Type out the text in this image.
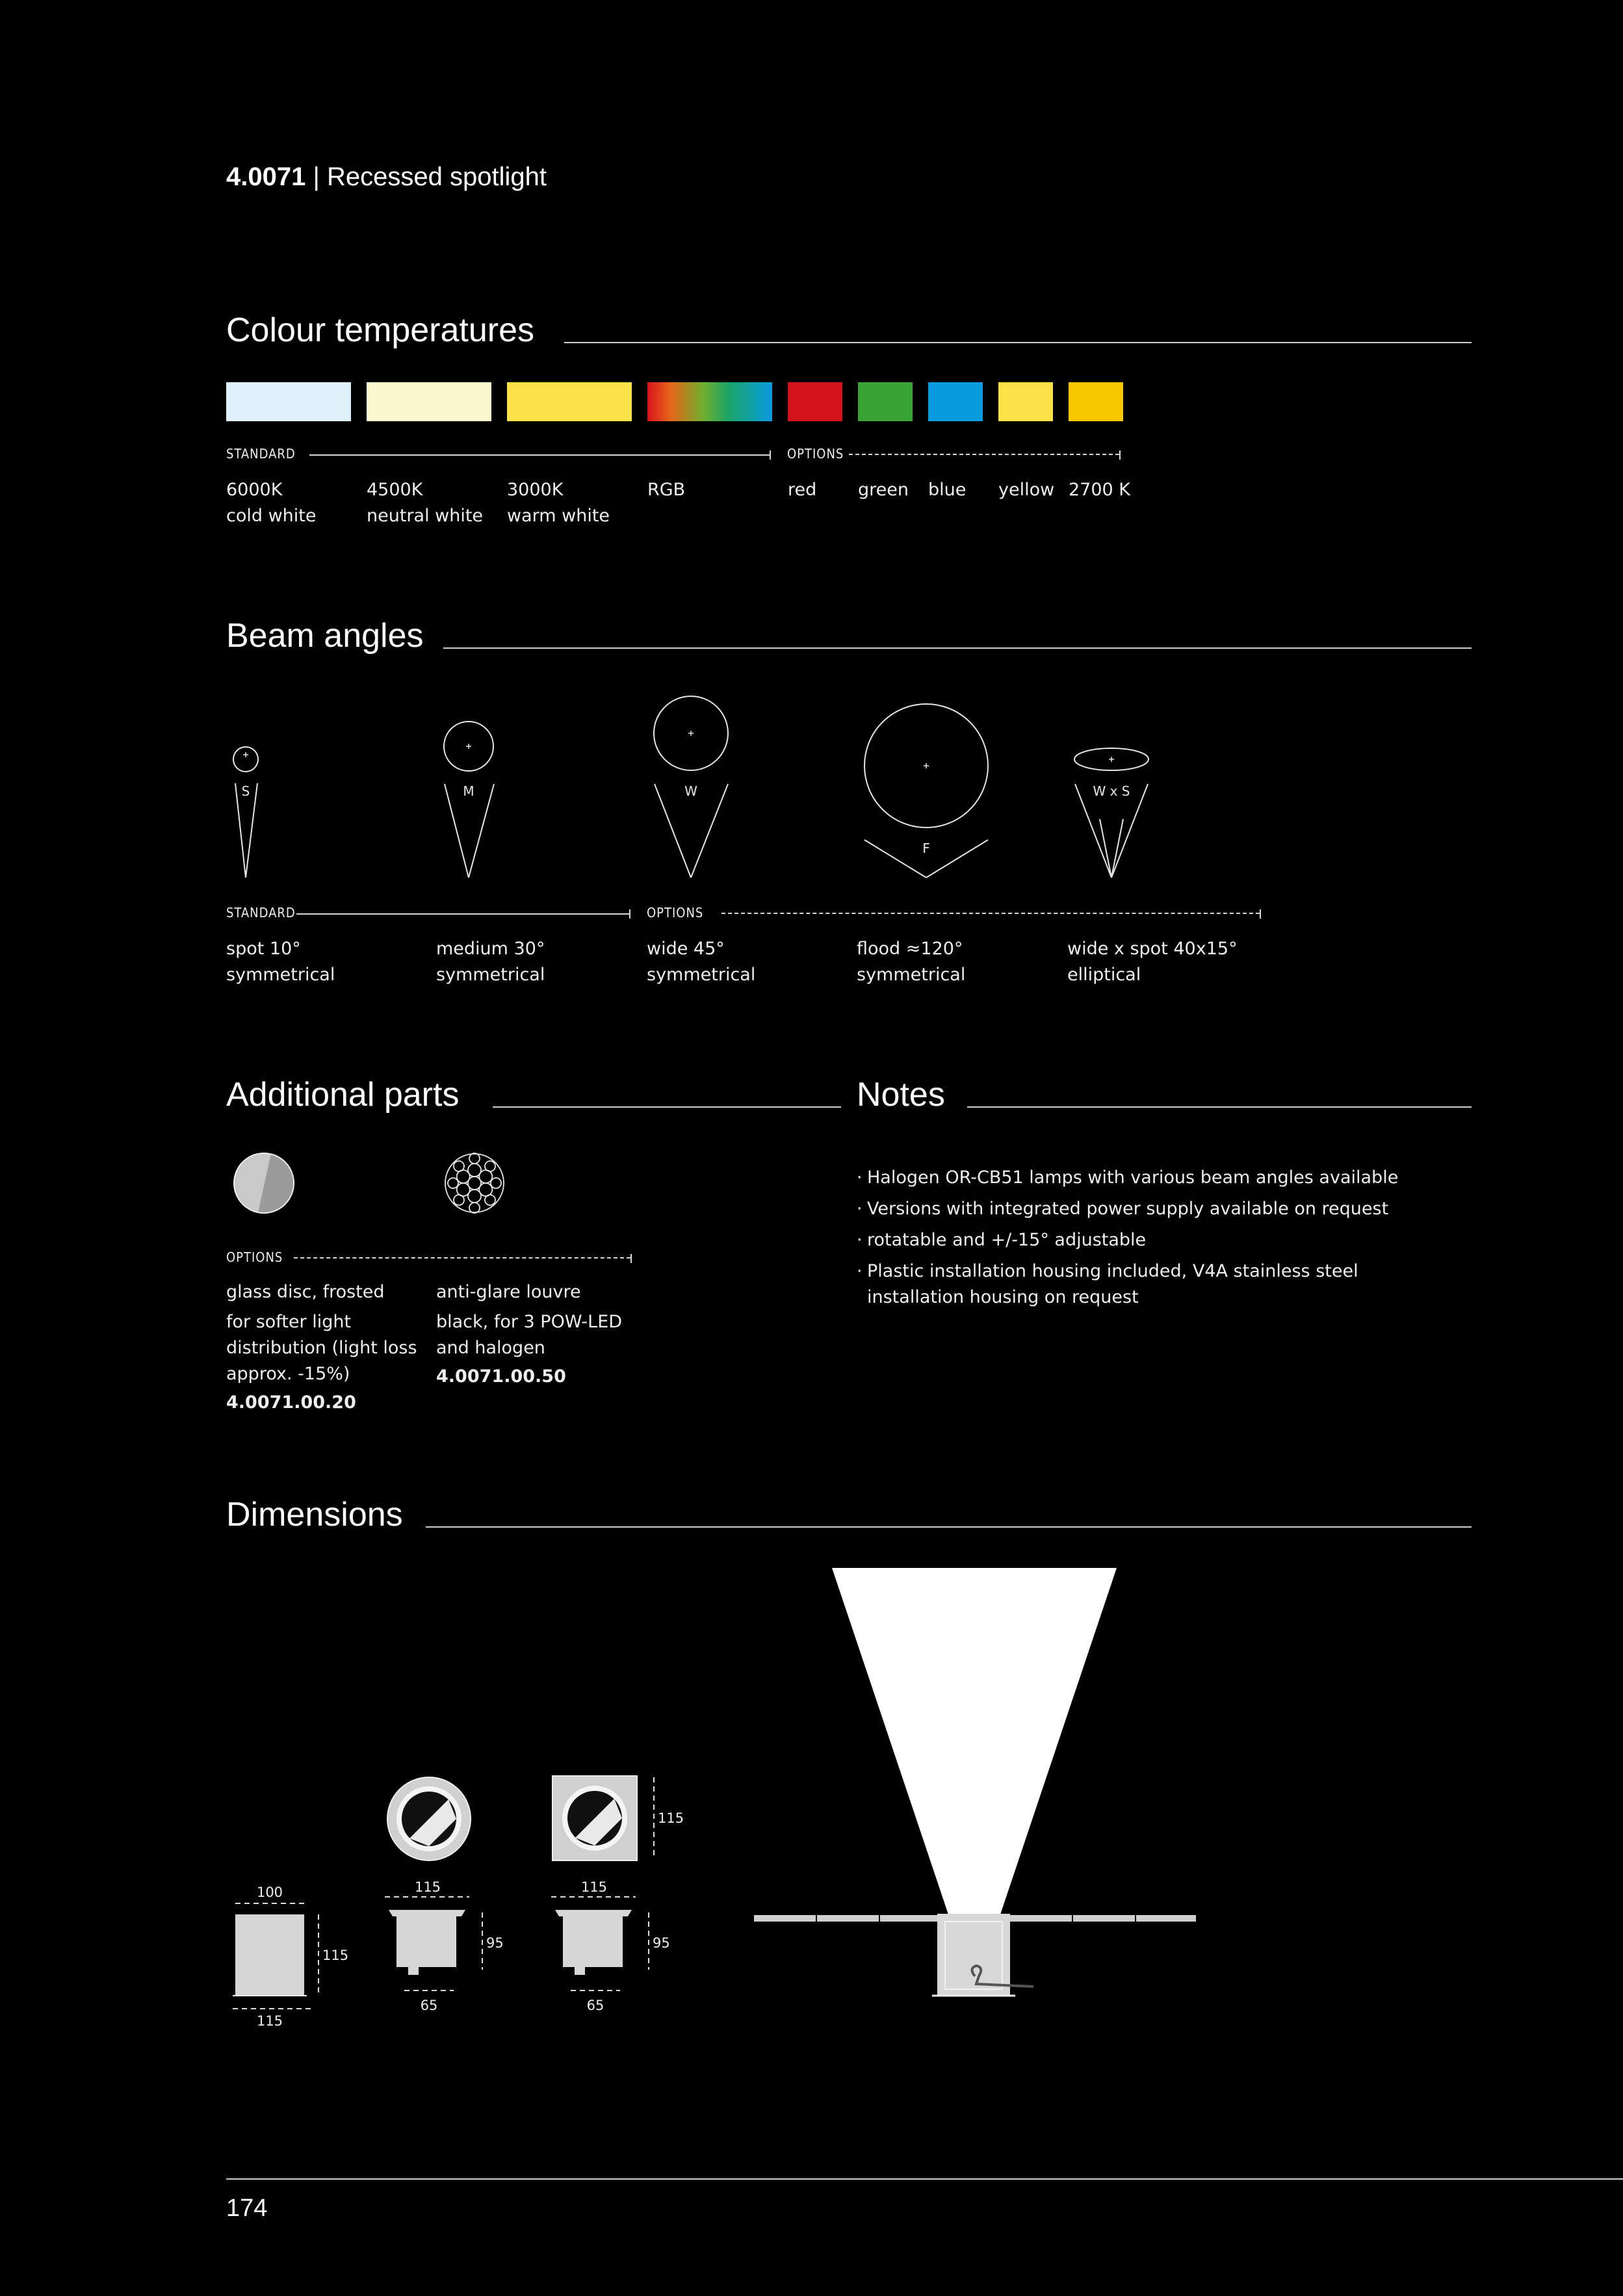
4.0071 | Recessed spotlight
Colour temperatures
STANDARD	OPTIONS
6000K
cold white
4500K
neutral white
3000K
warm white
RGB	red green blue yellow 2700 K
Beam angles
S	M	W
F
W x S
STANDARD	OPTIONS
spot 10°
symmetrical
medium 30°
symmetrical
wide 45°
symmetrical
flood ≈120°
symmetrical
wide x spot 40x15°
elliptical
Additional parts
OPTIONS
glass disc, frosted
for softer light
distribution (light loss
approx. -15%)
4.0071.00.20
anti-glare louvre
black, for 3 POW-LED
and halogen
4.0071.00.50
Notes
· Halogen OR-CB51 lamps with various beam angles available
· Versions with integrated power supply available on request
· rotatable and +/-15° adjustable
· Plastic installation housing included, V4A stainless steel installation housing on request
Dimensions
100
115
115
115
95
65
115
115
95
65
174
